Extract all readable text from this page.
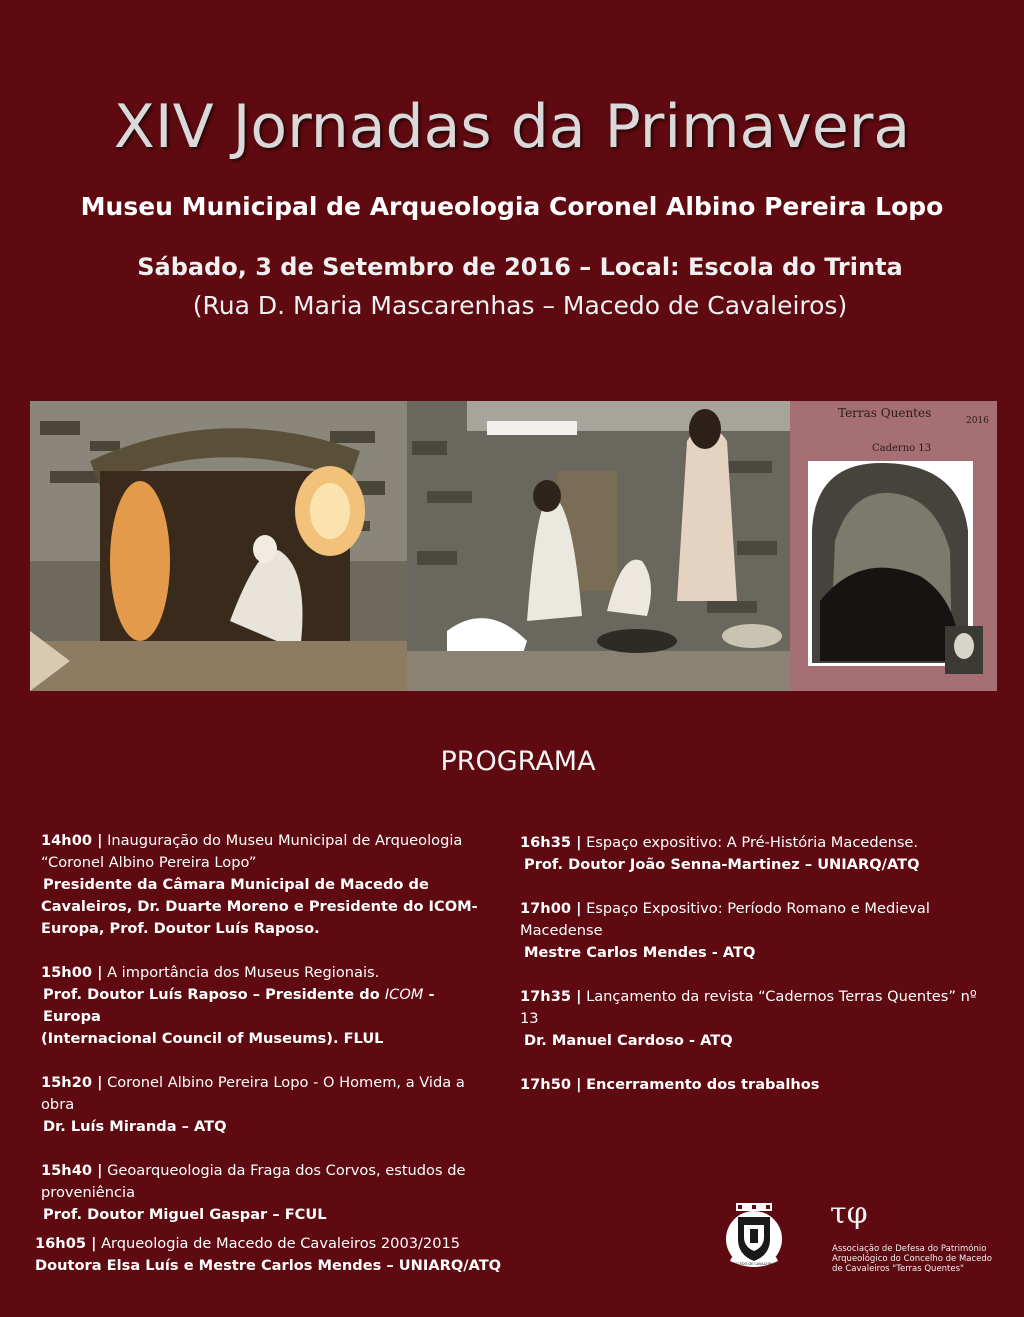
XIV Jornadas da Primavera
Museu Municipal de Arqueologia Coronel Albino Pereira Lopo
Sábado, 3 de Setembro de 2016 – Local: Escola do Trinta
(Rua D. Maria Mascarenhas – Macedo de Cavaleiros)
Terras Quentes
2016
Caderno 13
PROGRAMA
14h00 | Inauguração do Museu Municipal de Arqueologia
“Coronel Albino Pereira Lopo”
Presidente da Câmara Municipal de Macedo de
Cavaleiros, Dr. Duarte Moreno e Presidente do ICOM-
Europa, Prof. Doutor Luís Raposo.
15h00 | A importância dos Museus Regionais.
Prof. Doutor Luís Raposo – Presidente do ICOM - Europa
(Internacional Council of Museums). FLUL
15h20 | Coronel Albino Pereira Lopo - O Homem, a Vida a
obra
Dr. Luís Miranda – ATQ
15h40 | Geoarqueologia da Fraga dos Corvos, estudos de
proveniência
Prof. Doutor Miguel Gaspar – FCUL
16h05 | Arqueologia de Macedo de Cavaleiros 2003/2015
Doutora Elsa Luís e Mestre Carlos Mendes – UNIARQ/ATQ
16h35 | Espaço expositivo: A Pré-História Macedense.
Prof. Doutor João Senna-Martinez – UNIARQ/ATQ
17h00 | Espaço Expositivo: Período Romano e Medieval
Macedense
Mestre Carlos Mendes - ATQ
17h35 | Lançamento da revista “Cadernos Terras Quentes” nº 13
Dr. Manuel Cardoso - ATQ
17h50 | Encerramento dos trabalhos
MACEDO DE CAVALEIROS
τφ
Associação de Defesa do Património Arqueológico do Concelho de Macedo de Cavaleiros "Terras Quentes"
